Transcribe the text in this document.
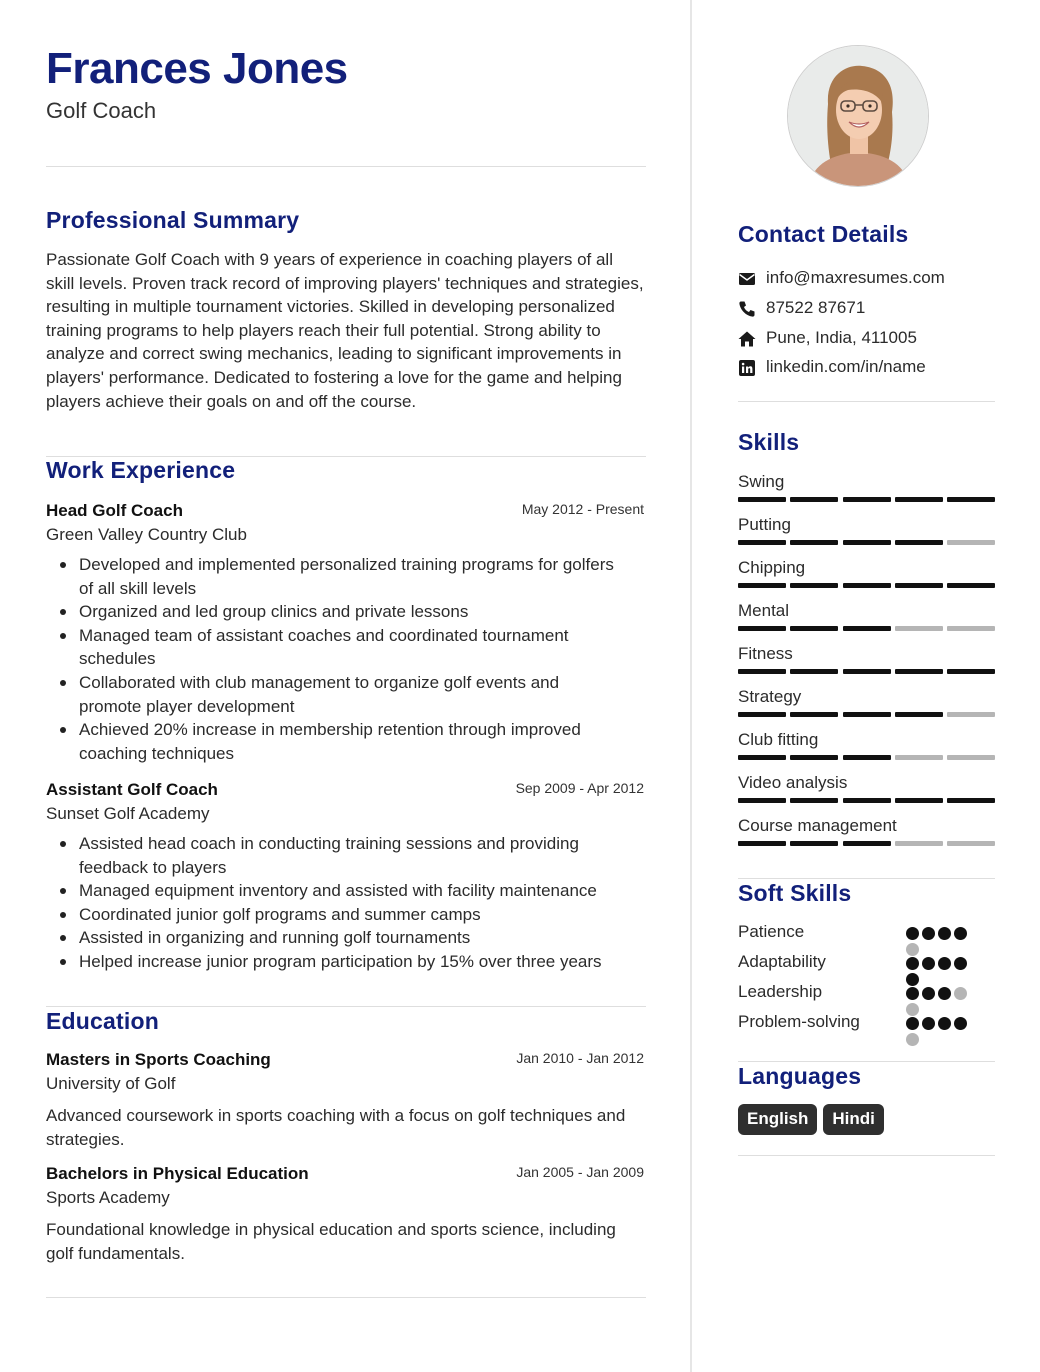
Frances Jones
Golf Coach
Professional Summary

Passionate Golf Coach with 9 years of experience in coaching players of all skill levels. Proven track record of improving players' techniques and strategies, resulting in multiple tournament victories. Skilled in developing personalized training programs to help players reach their full potential. Strong ability to analyze and correct swing mechanics, leading to significant improvements in players' performance. Dedicated to fostering a love for the game and helping players achieve their goals on and off the course.

Work Experience
Head Golf Coach	May 2012 - Present
Green Valley Country Club
Developed and implemented personalized training programs for golfers of all skill levels
Organized and led group clinics and private lessons
Managed team of assistant coaches and coordinated tournament schedules
Collaborated with club management to organize golf events and promote player development
Achieved 20% increase in membership retention through improved coaching techniques
Assistant Golf Coach	Sep 2009 - Apr 2012
Sunset Golf Academy
Assisted head coach in conducting training sessions and providing feedback to players
Managed equipment inventory and assisted with facility maintenance
Coordinated junior golf programs and summer camps
Assisted in organizing and running golf tournaments
Helped increase junior program participation by 15% over three years
Education
Masters in Sports Coaching	Jan 2010 - Jan 2012
University of Golf

Advanced coursework in sports coaching with a focus on golf techniques and strategies.

Bachelors in Physical Education	Jan 2005 - Jan 2009
Sports Academy

Foundational knowledge in physical education and sports science, including golf fundamentals.

Contact Details
info@maxresumes.com
87522 87671
Pune, India, 411005
linkedin.com/in/name
Skills
Swing
Putting
Chipping
Mental
Fitness
Strategy
Club fitting
Video analysis
Course management
Soft Skills
Patience
Adaptability
Leadership
Problem-solving
Languages
English	Hindi
